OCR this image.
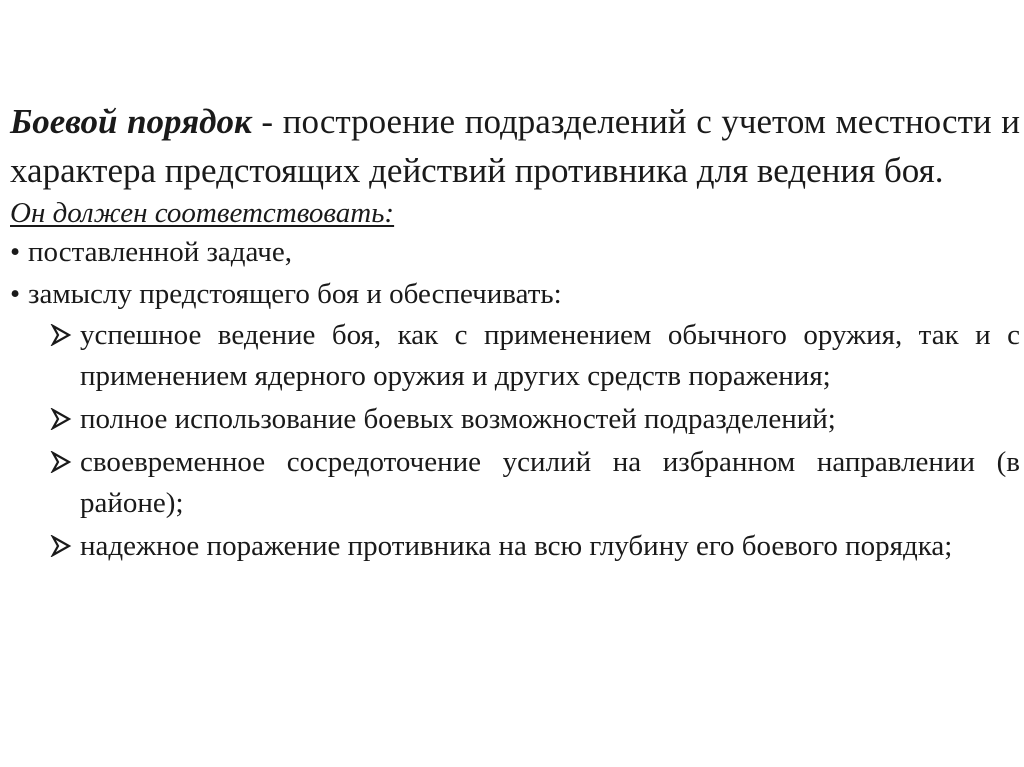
Боевой порядок - построение подразделений с учетом местности и характера предстоящих действий противника для ведения боя.

Он должен соответствовать:

• поставленной задаче,

• замыслу предстоящего боя и обеспечивать:

успешное ведение боя, как с применением обычного оружия, так и с применением ядерного оружия и других средств поражения;
полное использование боевых возможностей подразделений;
своевременное сосредоточение усилий на избранном направлении (в районе);
надежное поражение противника на всю глубину его боевого порядка;
